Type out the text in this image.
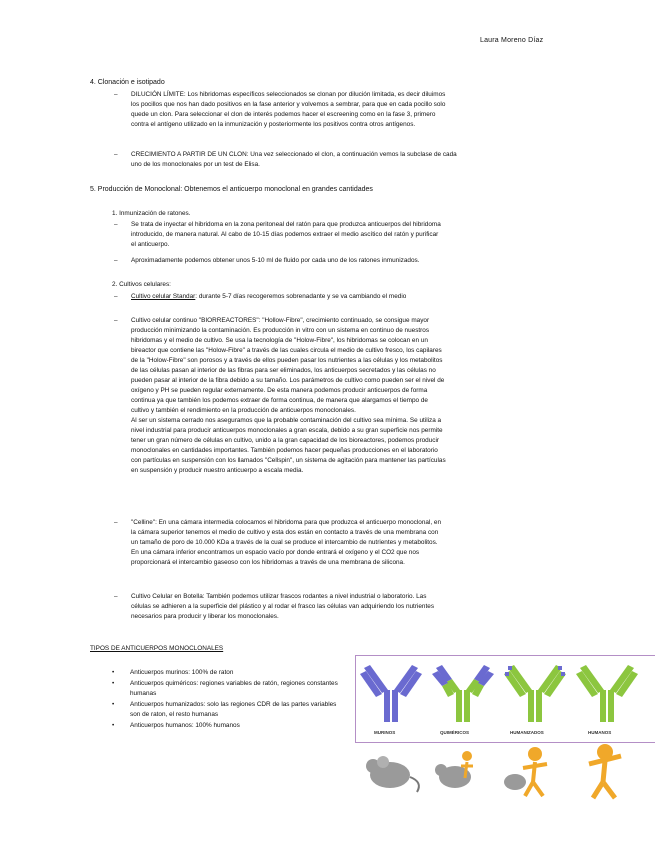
Laura Moreno Díaz
4. Clonación e isotipado
–	DILUCIÓN LÍMITE: Los hibridomas específicos seleccionados se clonan por dilución limitada, es decir diluimos
los pocillos que nos han dado positivos en la fase anterior y volvemos a sembrar, para que en cada pocillo solo
quede un clon. Para seleccionar el clon de interés podemos hacer el escreening como en la fase 3, primero
contra el antígeno utilizado en la inmunización y posteriormente los positivos contra otros antígenos.
–	CRECIMIENTO A PARTIR DE UN CLON: Una vez seleccionado el clon, a continuación vemos la subclase de cada
uno de los monoclonales por un test de Elisa.
5. Producción de Monoclonal: Obtenemos el anticuerpo monoclonal en grandes cantidades
1. Inmunización de ratones.
–	Se trata de inyectar el hibridoma en la zona peritoneal del ratón para que produzca anticuerpos del hibridoma
introducido, de manera natural. Al cabo de 10-15 días podemos extraer el medio ascítico del ratón y purificar
el anticuerpo.
–	Aproximadamente podemos obtener unos 5-10 ml de fluido por cada uno de los ratones inmunizados.
2. Cultivos celulares:
–	Cultivo celular Standar: durante 5-7 días recogeremos sobrenadante y se va cambiando el medio
–	Cultivo celular continuo "BIORREACTORES": "Hollow-Fibre", crecimiento continuado, se consigue mayor
producción minimizando la contaminación. Es producción in vitro con un sistema en continuo de nuestros
hibridomas y el medio de cultivo. Se usa la tecnología de "Holow-Fibre", los hibridomas se colocan en un
bireactor que contiene las "Holow-Fibre" a través de las cuales circula el medio de cultivo fresco, los capilares
de la "Holow-Fibre" son porosos y a través de ellos pueden pasar los nutrientes a las células y los metabolitos
de las células pasan al interior de las fibras para ser eliminados, los anticuerpos secretados y las células no
pueden pasar al interior de la fibra debido a su tamaño. Los parámetros de cultivo como pueden ser el nivel de
oxígeno y PH se pueden regular externamente. De esta manera podemos producir anticuerpos de forma
continua ya que también los podemos extraer de forma continua, de manera que alargamos el tiempo de
cultivo y también el rendimiento en la producción de anticuerpos monoclonales.
Al ser un sistema cerrado nos aseguramos que la probable contaminación del cultivo sea mínima. Se utiliza a
nivel industrial para producir anticuerpos monoclonales a gran escala, debido a su gran superficie nos permite
tener un gran número de células en cultivo, unido a la gran capacidad de los bioreactores, podemos producir
monoclonales en cantidades importantes. También podemos hacer pequeñas producciones en el laboratorio
con partículas en suspensión con los llamados "Cellspin", un sistema de agitación para mantener las partículas
en suspensión y producir nuestro anticuerpo a escala media.
–	"Celline": En una cámara intermedia colocamos el hibridoma para que produzca el anticuerpo monoclonal, en
la cámara superior tenemos el medio de cultivo y esta dos están en contacto a través de una membrana con
un tamaño de poro de 10.000 KDa a través de la cual se produce el intercambio de nutrientes y metabolitos.
En una cámara inferior encontramos un espacio vacío por donde entrará el oxígeno y el CO2 que nos
proporcionará el intercambio gaseoso con los hibridomas a través de una membrana de silicona.
–	Cultivo Celular en Botella: También podemos utilizar frascos rodantes a nivel industrial o laboratorio. Las
células se adhieren a la superficie del plástico y al rodar el frasco las células van adquiriendo los nutrientes
necesarios para producir y liberar los monoclonales.
TIPOS DE ANTICUERPOS MONOCLONALES
• Anticuerpos murinos: 100% de raton
• Anticuerpos quiméricos: regiones variables de ratón, regiones constantes humanas
• Anticuerpos humanizados: solo las regiones CDR de las partes variables son de raton, el resto humanas
• Anticuerpos humanos: 100% humanos
MURINOS	QUIMÉRICOS	HUMANIZADOS	HUMANOS
